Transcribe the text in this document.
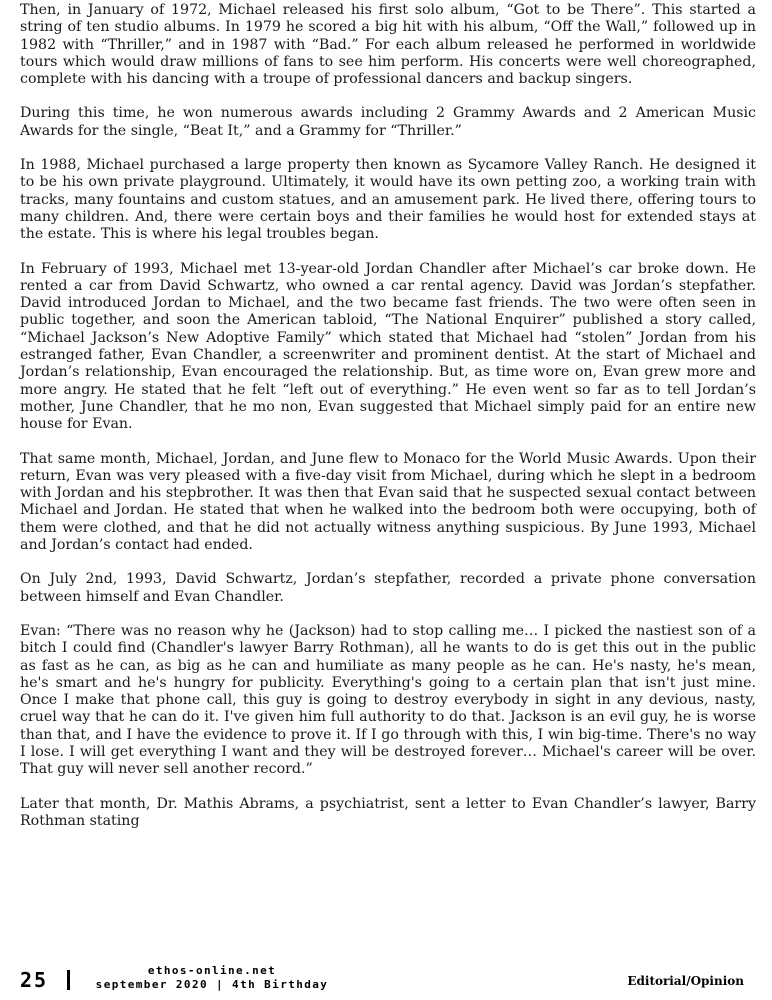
Then, in January of 1972, Michael released his first solo album, “Got to be There”. This started a string of ten studio albums. In 1979 he scored a big hit with his album, “Off the Wall,” followed up in 1982 with “Thriller,” and in 1987 with “Bad.” For each album released he performed in worldwide tours which would draw millions of fans to see him perform. His concerts were well choreographed, complete with his dancing with a troupe of professional dancers and backup singers.

During this time, he won numerous awards including 2 Grammy Awards and 2 American Music Awards for the single, “Beat It,” and a Grammy for “Thriller.”

In 1988, Michael purchased a large property then known as Sycamore Valley Ranch. He designed it to be his own private playground. Ultimately, it would have its own petting zoo, a working train with tracks, many fountains and custom statues, and an amusement park. He lived there, offering tours to many children. And, there were certain boys and their families he would host for extended stays at the estate. This is where his legal troubles began.

In February of 1993, Michael met 13-year-old Jordan Chandler after Michael’s car broke down. He rented a car from David Schwartz, who owned a car rental agency. David was Jordan’s stepfather. David introduced Jordan to Michael, and the two became fast friends. The two were often seen in public together, and soon the American tabloid, “The National Enquirer” published a story called, “Michael Jackson’s New Adoptive Family” which stated that Michael had “stolen” Jordan from his estranged father, Evan Chandler, a screenwriter and prominent dentist. At the start of Michael and Jordan’s relationship, Evan encouraged the relationship. But, as time wore on, Evan grew more and more angry. He stated that he felt “left out of everything.” He even went so far as to tell Jordan’s mother, June Chandler, that he mo non, Evan suggested that Michael simply paid for an entire new house for Evan.

That same month, Michael, Jordan, and June flew to Monaco for the World Music Awards. Upon their return, Evan was very pleased with a five-day visit from Michael, during which he slept in a bedroom with Jordan and his stepbrother. It was then that Evan said that he suspected sexual contact between Michael and Jordan. He stated that when he walked into the bedroom both were occupying, both of them were clothed, and that he did not actually witness anything suspicious. By June 1993, Michael and Jordan’s contact had ended.

On July 2nd, 1993, David Schwartz, Jordan’s stepfather, recorded a private phone conversation between himself and Evan Chandler.

Evan: “There was no reason why he (Jackson) had to stop calling me… I picked the nastiest son of a bitch I could find (Chandler's lawyer Barry Rothman), all he wants to do is get this out in the public as fast as he can, as big as he can and humiliate as many people as he can. He's nasty, he's mean, he's smart and he's hungry for publicity. Everything's going to a certain plan that isn't just mine. Once I make that phone call, this guy is going to destroy everybody in sight in any devious, nasty, cruel way that he can do it. I've given him full authority to do that. Jackson is an evil guy, he is worse than that, and I have the evidence to prove it. If I go through with this, I win big-time. There's no way I lose. I will get everything I want and they will be destroyed forever… Michael's career will be over. That guy will never sell another record.”

Later that month, Dr. Mathis Abrams, a psychiatrist, sent a letter to Evan Chandler’s lawyer, Barry Rothman stating

25	ethos-online.net
september 2020 | 4th Birthday	Editorial/Opinion
